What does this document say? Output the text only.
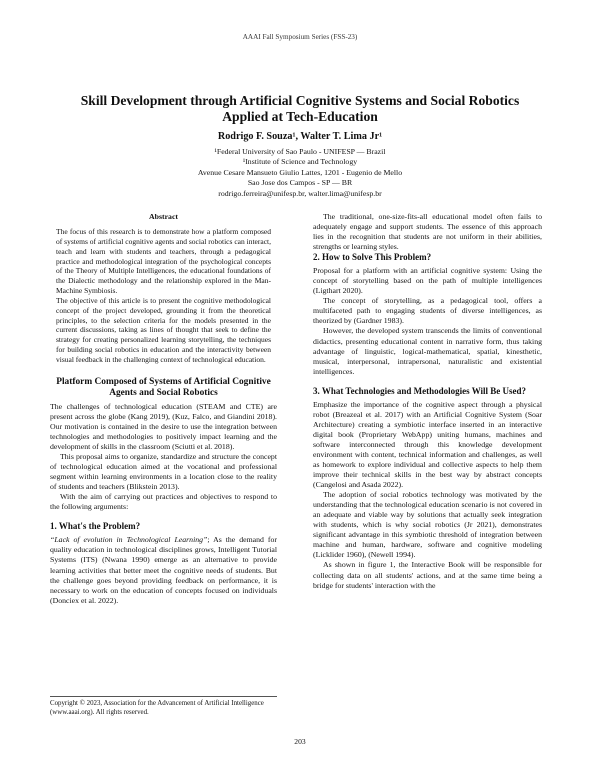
AAAI Fall Symposium Series (FSS-23)
Skill Development through Artificial Cognitive Systems and Social Robotics
Applied at Tech-Education
Rodrigo F. Souza¹, Walter T. Lima Jr¹
¹Federal University of Sao Paulo - UNIFESP — Brazil
¹Institute of Science and Technology
Avenue Cesare Mansueto Giulio Lattes, 1201 - Eugenio de Mello
Sao Jose dos Campos - SP — BR
rodrigo.ferreira@unifesp.br, walter.lima@unifesp.br
Abstract

The focus of this research is to demonstrate how a platform composed of systems of artificial cognitive agents and social robotics can interact, teach and learn with students and teachers, through a pedagogical practice and methodological integration of the psychological concepts of the Theory of Multiple Intelligences, the educational foundations of the Dialectic methodology and the relationship explored in the Man-Machine Symbiosis.

The objective of this article is to present the cognitive methodological concept of the project developed, grounding it from the theoretical principles, to the selection criteria for the models presented in the current discussions, taking as lines of thought that seek to define the strategy for creating personalized learning storytelling, the techniques for building social robotics in education and the interactivity between visual feedback in the challenging context of technological education.

Platform Composed of Systems of Artificial Cognitive Agents and Social Robotics

The challenges of technological education (STEAM and CTE) are present across the globe (Kang 2019), (Kuz, Falco, and Giandini 2018). Our motivation is contained in the desire to use the integration between technologies and methodologies to positively impact learning and the development of skills in the classroom (Sciutti et al. 2018).

This proposal aims to organize, standardize and structure the concept of technological education aimed at the vocational and professional segment within learning environments in a location close to the reality of students and teachers (Blikstein 2013).

With the aim of carrying out practices and objectives to respond to the following arguments:

1. What's the Problem?

“Lack of evolution in Technological Learning”; As the demand for quality education in technological disciplines grows, Intelligent Tutorial Systems (ITS) (Nwana 1990) emerge as an alternative to provide learning activities that better meet the cognitive needs of students. But the challenge goes beyond providing feedback on performance, it is necessary to work on the education of concepts focused on individuals (Donciex et al. 2022).

The traditional, one-size-fits-all educational model often fails to adequately engage and support students. The essence of this approach lies in the recognition that students are not uniform in their abilities, strengths or learning styles.

2. How to Solve This Problem?

Proposal for a platform with an artificial cognitive system: Using the concept of storytelling based on the path of multiple intelligences (Ligthart 2020).

The concept of storytelling, as a pedagogical tool, offers a multifaceted path to engaging students of diverse intelligences, as theorized by (Gardner 1983).

However, the developed system transcends the limits of conventional didactics, presenting educational content in narrative form, thus taking advantage of linguistic, logical-mathematical, spatial, kinesthetic, musical, interpersonal, intrapersonal, naturalistic and existential intelligences.

3. What Technologies and Methodologies Will Be Used?

Emphasize the importance of the cognitive aspect through a physical robot (Breazeal et al. 2017) with an Artificial Cognitive System (Soar Architecture) creating a symbiotic interface inserted in an interactive digital book (Proprietary WebApp) uniting humans, machines and software interconnected through this knowledge development environment with content, technical information and challenges, as well as homework to explore individual and collective aspects to help them improve their technical skills in the best way by abstract concepts (Cangelosi and Asada 2022).

The adoption of social robotics technology was motivated by the understanding that the technological education scenario is not covered in an adequate and viable way by solutions that actually seek integration with students, which is why social robotics (Jr 2021), demonstrates significant advantage in this symbiotic threshold of integration between machine and human, hardware, software and cognitive modeling (Licklider 1960), (Newell 1994).

As shown in figure 1, the Interactive Book will be responsible for collecting data on all students' actions, and at the same time being a bridge for students' interaction with the

Copyright © 2023, Association for the Advancement of Artificial Intelligence (www.aaai.org). All rights reserved.
203
